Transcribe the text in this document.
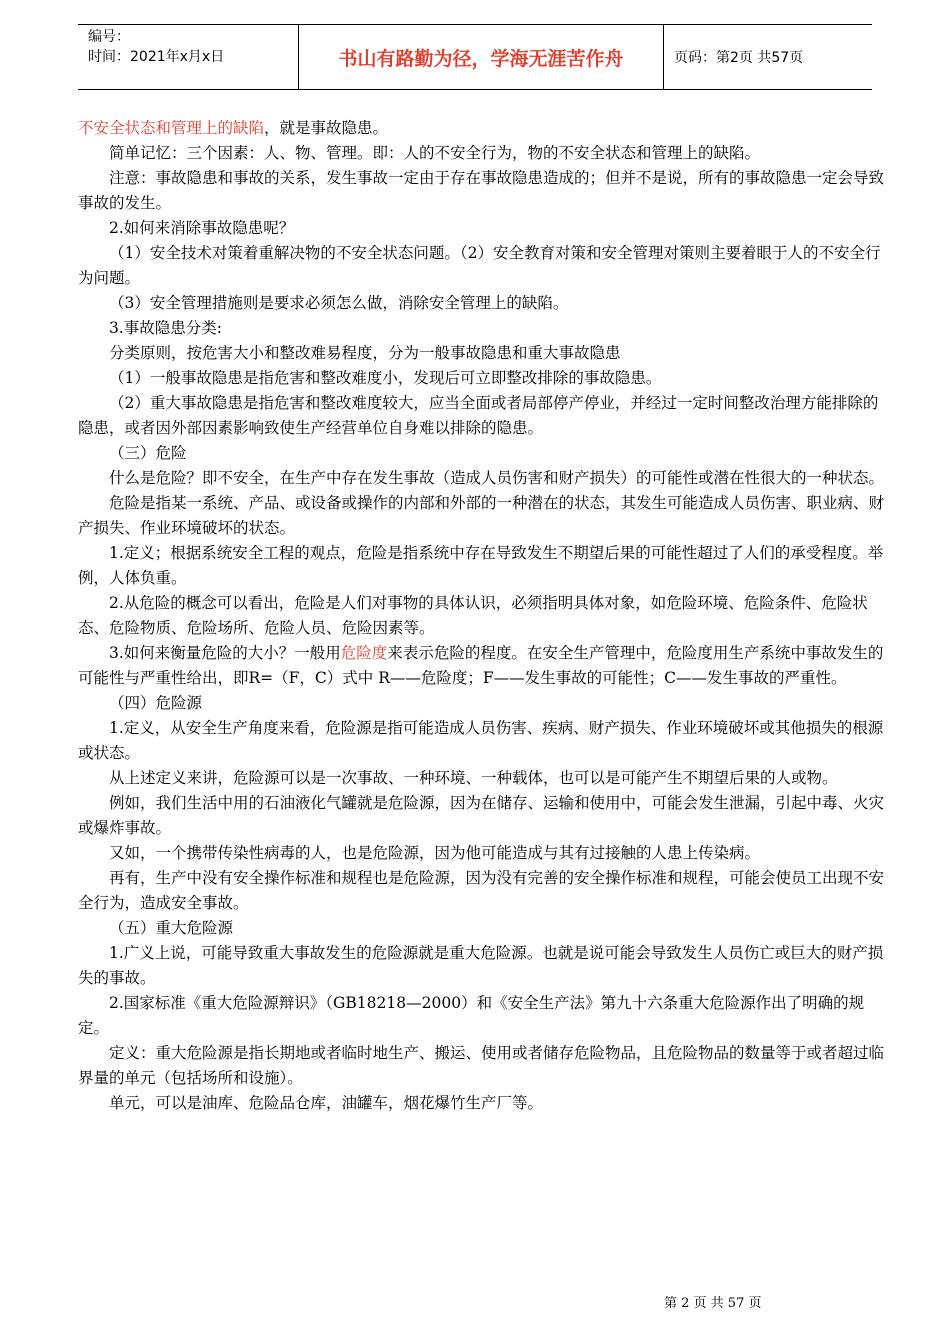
编号：
时间：2021年x月x日	书山有路勤为径，学海无涯苦作舟	页码：第2页 共57页

不安全状态和管理上的缺陷，就是事故隐患。

简单记忆：三个因素：人、物、管理。即：人的不安全行为，物的不安全状态和管理上的缺陷。

注意：事故隐患和事故的关系，发生事故一定由于存在事故隐患造成的；但并不是说，所有的事故隐患一定会导致事故的发生。

2.如何来消除事故隐患呢？

（1）安全技术对策着重解决物的不安全状态问题。（2）安全教育对策和安全管理对策则主要着眼于人的不安全行为问题。

（3）安全管理措施则是要求必须怎么做，消除安全管理上的缺陷。

3.事故隐患分类:

分类原则，按危害大小和整改难易程度，分为一般事故隐患和重大事故隐患

（1）一般事故隐患是指危害和整改难度小，发现后可立即整改排除的事故隐患。

（2）重大事故隐患是指危害和整改难度较大，应当全面或者局部停产停业，并经过一定时间整改治理方能排除的隐患，或者因外部因素影响致使生产经营单位自身难以排除的隐患。

（三）危险

什么是危险？即不安全，在生产中存在发生事故（造成人员伤害和财产损失）的可能性或潜在性很大的一种状态。

危险是指某一系统、产品、或设备或操作的内部和外部的一种潜在的状态，其发生可能造成人员伤害、职业病、财产损失、作业环境破坏的状态。

1.定义；根据系统安全工程的观点，危险是指系统中存在导致发生不期望后果的可能性超过了人们的承受程度。举例，人体负重。

2.从危险的概念可以看出，危险是人们对事物的具体认识，必须指明具体对象，如危险环境、危险条件、危险状态、危险物质、危险场所、危险人员、危险因素等。

3.如何来衡量危险的大小？一般用危险度来表示危险的程度。在安全生产管理中，危险度用生产系统中事故发生的可能性与严重性给出，即R=（F，C）式中 R——危险度；F——发生事故的可能性；C——发生事故的严重性。

（四）危险源

1.定义，从安全生产角度来看，危险源是指可能造成人员伤害、疾病、财产损失、作业环境破坏或其他损失的根源或状态。

从上述定义来讲，危险源可以是一次事故、一种环境、一种载体，也可以是可能产生不期望后果的人或物。

例如，我们生活中用的石油液化气罐就是危险源，因为在储存、运输和使用中，可能会发生泄漏，引起中毒、火灾或爆炸事故。

又如，一个携带传染性病毒的人，也是危险源，因为他可能造成与其有过接触的人患上传染病。

再有，生产中没有安全操作标准和规程也是危险源，因为没有完善的安全操作标准和规程，可能会使员工出现不安全行为，造成安全事故。

（五）重大危险源

1.广义上说，可能导致重大事故发生的危险源就是重大危险源。也就是说可能会导致发生人员伤亡或巨大的财产损失的事故。

2.国家标准《重大危险源辩识》（GB18218—2000）和《安全生产法》第九十六条重大危险源作出了明确的规定。

定义：重大危险源是指长期地或者临时地生产、搬运、使用或者储存危险物品，且危险物品的数量等于或者超过临界量的单元（包括场所和设施）。

单元，可以是油库、危险品仓库，油罐车，烟花爆竹生产厂等。

第 2 页 共 57 页
